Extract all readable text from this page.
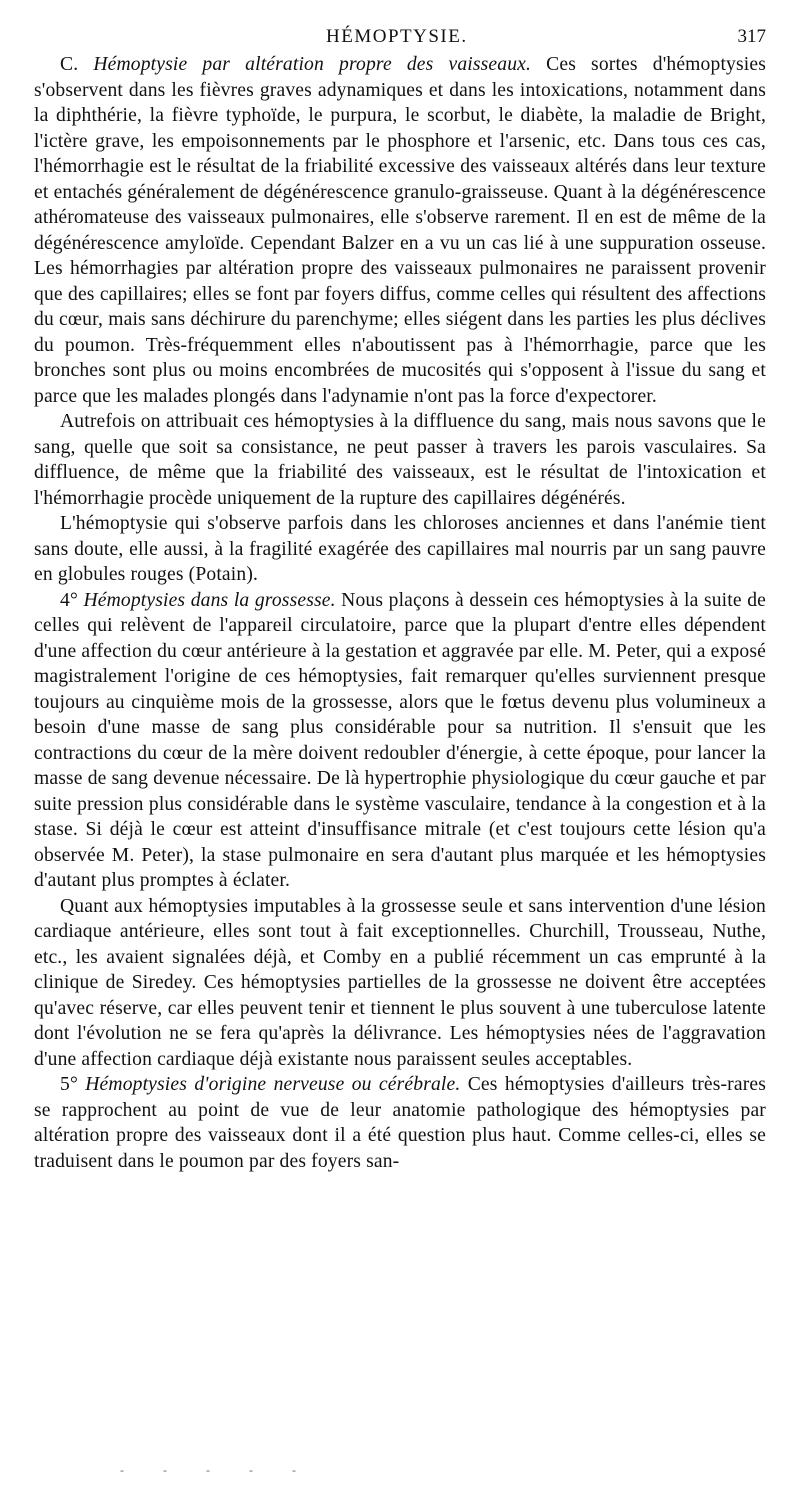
HÉMOPTYSIE.	317

C. Hémoptysie par altération propre des vaisseaux. Ces sortes d'hémoptysies s'observent dans les fièvres graves adynamiques et dans les intoxications, notamment dans la diphthérie, la fièvre typhoïde, le purpura, le scorbut, le diabète, la maladie de Bright, l'ictère grave, les empoisonnements par le phosphore et l'arsenic, etc. Dans tous ces cas, l'hémorrhagie est le résultat de la friabilité excessive des vaisseaux altérés dans leur texture et entachés généralement de dégénérescence granulo-graisseuse. Quant à la dégénérescence athéromateuse des vaisseaux pulmonaires, elle s'observe rarement. Il en est de même de la dégénérescence amyloïde. Cependant Balzer en a vu un cas lié à une suppuration osseuse. Les hémorrhagies par altération propre des vaisseaux pulmonaires ne paraissent provenir que des capillaires; elles se font par foyers diffus, comme celles qui résultent des affections du cœur, mais sans déchirure du parenchyme; elles siégent dans les parties les plus déclives du poumon. Très-fréquemment elles n'aboutissent pas à l'hémorrhagie, parce que les bronches sont plus ou moins encombrées de mucosités qui s'opposent à l'issue du sang et parce que les malades plongés dans l'adynamie n'ont pas la force d'expectorer.

Autrefois on attribuait ces hémoptysies à la diffluence du sang, mais nous savons que le sang, quelle que soit sa consistance, ne peut passer à travers les parois vasculaires. Sa diffluence, de même que la friabilité des vaisseaux, est le résultat de l'intoxication et l'hémorrhagie procède uniquement de la rupture des capillaires dégénérés.

L'hémoptysie qui s'observe parfois dans les chloroses anciennes et dans l'anémie tient sans doute, elle aussi, à la fragilité exagérée des capillaires mal nourris par un sang pauvre en globules rouges (Potain).

4° Hémoptysies dans la grossesse. Nous plaçons à dessein ces hémoptysies à la suite de celles qui relèvent de l'appareil circulatoire, parce que la plupart d'entre elles dépendent d'une affection du cœur antérieure à la gestation et aggravée par elle. M. Peter, qui a exposé magistralement l'origine de ces hémoptysies, fait remarquer qu'elles surviennent presque toujours au cinquième mois de la grossesse, alors que le fœtus devenu plus volumineux a besoin d'une masse de sang plus considérable pour sa nutrition. Il s'ensuit que les contractions du cœur de la mère doivent redoubler d'énergie, à cette époque, pour lancer la masse de sang devenue nécessaire. De là hypertrophie physiologique du cœur gauche et par suite pression plus considérable dans le système vasculaire, tendance à la congestion et à la stase. Si déjà le cœur est atteint d'insuffisance mitrale (et c'est toujours cette lésion qu'a observée M. Peter), la stase pulmonaire en sera d'autant plus marquée et les hémoptysies d'autant plus promptes à éclater.

Quant aux hémoptysies imputables à la grossesse seule et sans intervention d'une lésion cardiaque antérieure, elles sont tout à fait exceptionnelles. Churchill, Trousseau, Nuthe, etc., les avaient signalées déjà, et Comby en a publié récemment un cas emprunté à la clinique de Siredey. Ces hémoptysies partielles de la grossesse ne doivent être acceptées qu'avec réserve, car elles peuvent tenir et tiennent le plus souvent à une tuberculose latente dont l'évolution ne se fera qu'après la délivrance. Les hémoptysies nées de l'aggravation d'une affection cardiaque déjà existante nous paraissent seules acceptables.

5° Hémoptysies d'origine nerveuse ou cérébrale. Ces hémoptysies d'ailleurs très-rares se rapprochent au point de vue de leur anatomie pathologique des hémoptysies par altération propre des vaisseaux dont il a été question plus haut. Comme celles-ci, elles se traduisent dans le poumon par des foyers san-

- - - - -
